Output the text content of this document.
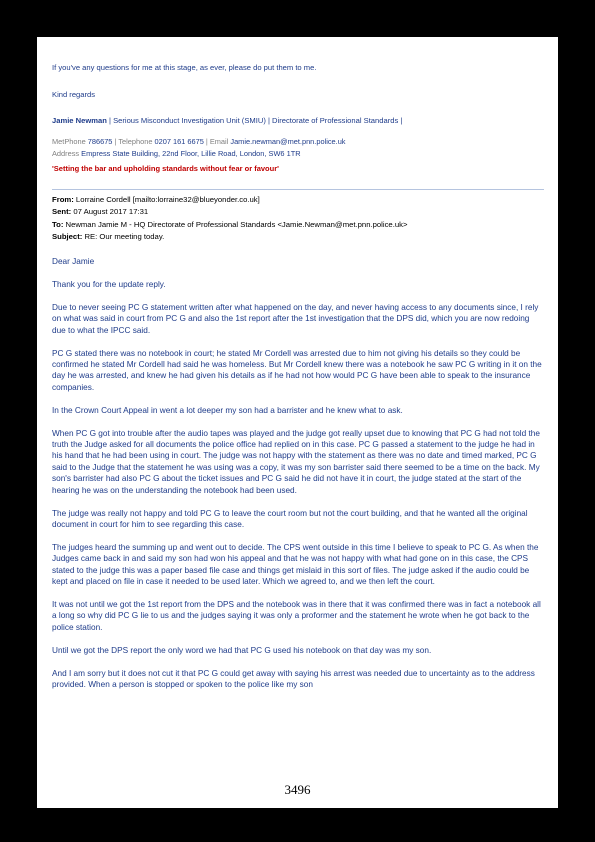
If you've any questions for me at this stage, as ever, please do put them to me.
Kind regards
Jamie Newman | Serious Misconduct Investigation Unit (SMIU) | Directorate of Professional Standards |
MetPhone 786675 | Telephone 0207 161 6675 | Email Jamie.newman@met.pnn.police.uk
Address Empress State Building, 22nd Floor, Lillie Road, London, SW6 1TR
'Setting the bar and upholding standards without fear or favour'
From: Lorraine Cordell [mailto:lorraine32@blueyonder.co.uk]
Sent: 07 August 2017 17:31
To: Newman Jamie M - HQ Directorate of Professional Standards <Jamie.Newman@met.pnn.police.uk>
Subject: RE: Our meeting today.

Dear Jamie

Thank you for the update reply.

Due to never seeing PC G statement written after what happened on the day, and never having access to any documents since, I rely on what was said in court from PC G and also the 1st report after the 1st investigation that the DPS did, which you are now redoing due to what the IPCC said.

PC G stated there was no notebook in court; he stated Mr Cordell was arrested due to him not giving his details so they could be confirmed he stated Mr Cordell had said he was homeless. But Mr Cordell knew there was a notebook he saw PC G writing in it on the day he was arrested, and knew he had given his details as if he had not how would PC G have been able to speak to the insurance companies.

In the Crown Court Appeal in went a lot deeper my son had a barrister and he knew what to ask.

When PC G got into trouble after the audio tapes was played and the judge got really upset due to knowing that PC G had not told the truth the Judge asked for all documents the police office had replied on in this case. PC G passed a statement to the judge he had in his hand that he had been using in court. The judge was not happy with the statement as there was no date and timed marked, PC G said to the Judge that the statement he was using was a copy, it was my son barrister said there seemed to be a time on the back. My son's barrister had also PC G about the ticket issues and PC G said he did not have it in court, the judge stated at the start of the hearing he was on the understanding the notebook had been used.

The judge was really not happy and told PC G to leave the court room but not the court building, and that he wanted all the original document in court for him to see regarding this case.

The judges heard the summing up and went out to decide. The CPS went outside in this time I believe to speak to PC G. As when the Judges came back in and said my son had won his appeal and that he was not happy with what had gone on in this case, the CPS stated to the judge this was a paper based file case and things get mislaid in this sort of files. The judge asked if the audio could be kept and placed on file in case it needed to be used later. Which we agreed to, and we then left the court.

It was not until we got the 1st report from the DPS and the notebook was in there that it was confirmed there was in fact a notebook all a long so why did PC G lie to us and the judges saying it was only a proformer and the statement he wrote when he got back to the police station.

Until we got the DPS report the only word we had that PC G used his notebook on that day was my son.

And I am sorry but it does not cut it that PC G could get away with saying his arrest was needed due to uncertainty as to the address provided. When a person is stopped or spoken to the police like my son

3496
